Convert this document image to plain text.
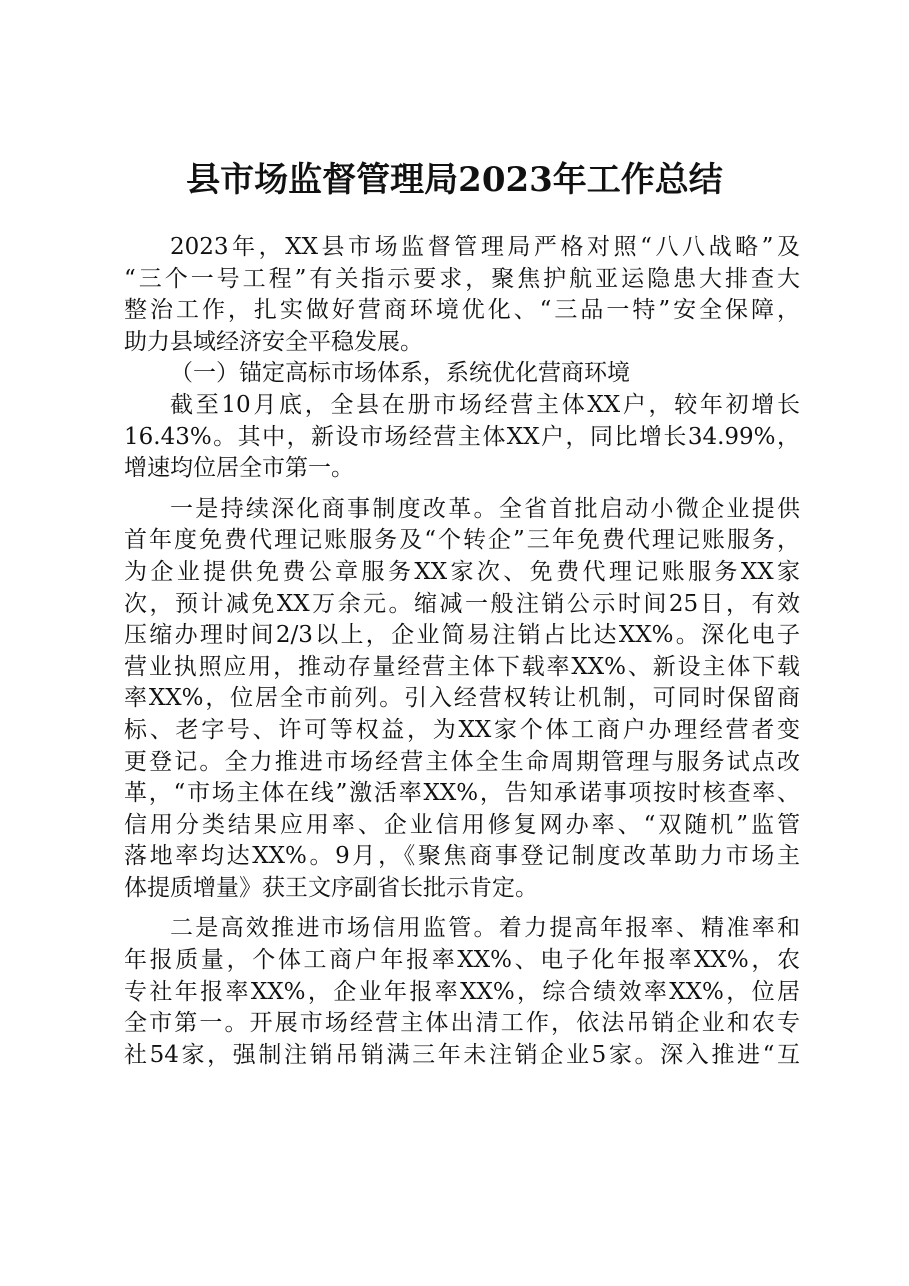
县市场监督管理局2023年工作总结
2023年，XX县市场监督管理局严格对照“八八战略”及
“三个一号工程”有关指示要求，聚焦护航亚运隐患大排查大
整治工作，扎实做好营商环境优化、“三品一特”安全保障，
助力县域经济安全平稳发展。
（一）锚定高标市场体系，系统优化营商环境
截至10月底，全县在册市场经营主体XX户，较年初增长
16.43%。其中，新设市场经营主体XX户，同比增长34.99%，
增速均位居全市第一。
一是持续深化商事制度改革。全省首批启动小微企业提供
首年度免费代理记账服务及“个转企”三年免费代理记账服务，
为企业提供免费公章服务XX家次、免费代理记账服务XX家
次，预计减免XX万余元。缩减一般注销公示时间25日，有效
压缩办理时间2/3以上，企业简易注销占比达XX%。深化电子
营业执照应用，推动存量经营主体下载率XX%、新设主体下载
率XX%，位居全市前列。引入经营权转让机制，可同时保留商
标、老字号、许可等权益，为XX家个体工商户办理经营者变
更登记。全力推进市场经营主体全生命周期管理与服务试点改
革，“市场主体在线”激活率XX%，告知承诺事项按时核查率、
信用分类结果应用率、企业信用修复网办率、“双随机”监管
落地率均达XX%。9月，《聚焦商事登记制度改革助力市场主
体提质增量》获王文序副省长批示肯定。
二是高效推进市场信用监管。着力提高年报率、精准率和
年报质量，个体工商户年报率XX%、电子化年报率XX%，农
专社年报率XX%，企业年报率XX%，综合绩效率XX%，位居
全市第一。开展市场经营主体出清工作，依法吊销企业和农专
社54家，强制注销吊销满三年未注销企业5家。深入推进“互
